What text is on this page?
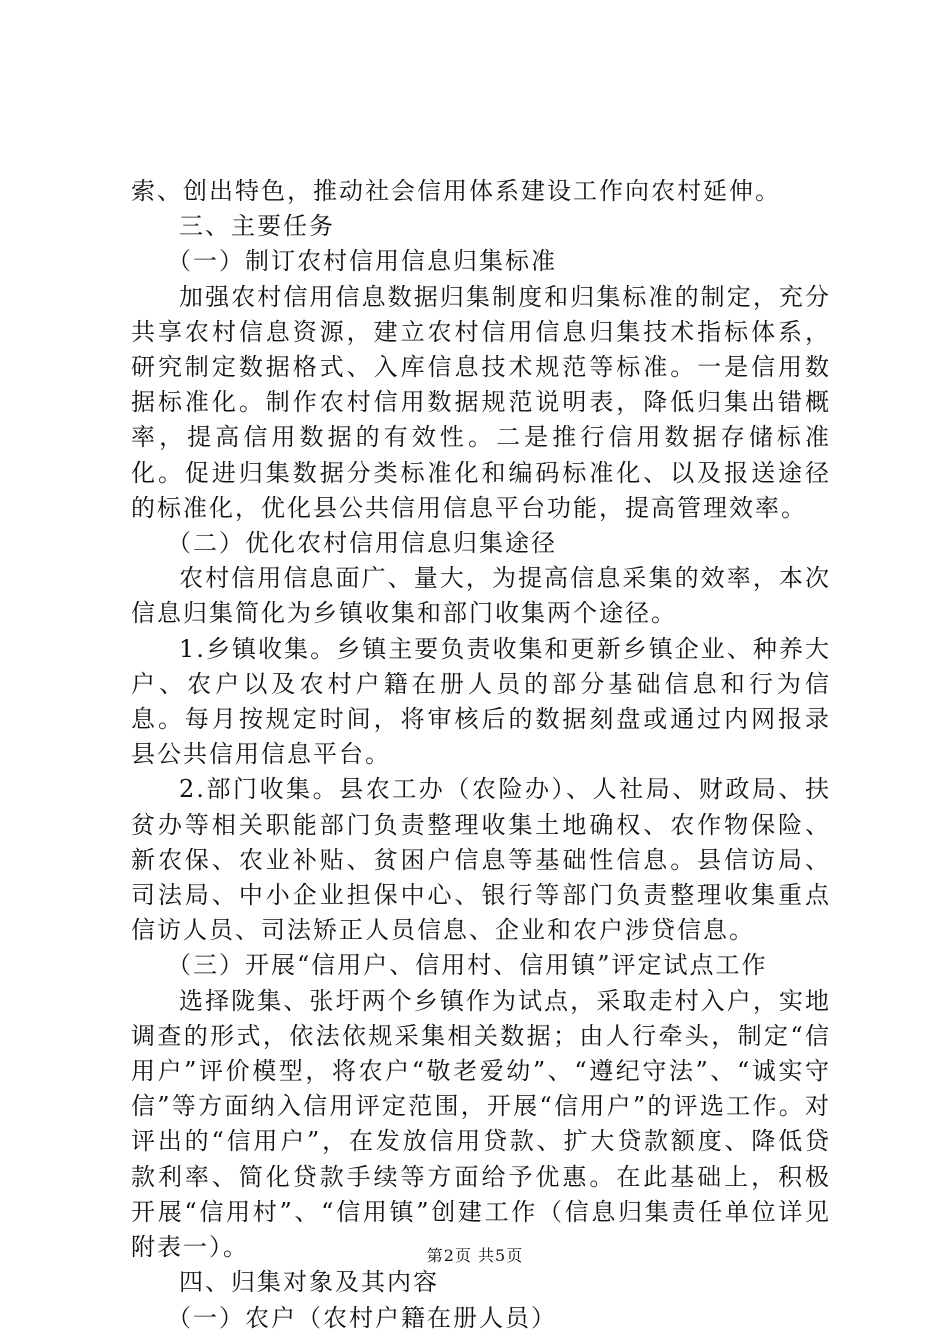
索、创出特色，推动社会信用体系建设工作向农村延伸。

三、主要任务

（一）制订农村信用信息归集标准

加强农村信用信息数据归集制度和归集标准的制定，充分共享农村信息资源，建立农村信用信息归集技术指标体系，研究制定数据格式、入库信息技术规范等标准。一是信用数据标准化。制作农村信用数据规范说明表，降低归集出错概率，提高信用数据的有效性。二是推行信用数据存储标准化。促进归集数据分类标准化和编码标准化、以及报送途径的标准化，优化县公共信用信息平台功能，提高管理效率。

（二）优化农村信用信息归集途径

农村信用信息面广、量大，为提高信息采集的效率，本次信息归集简化为乡镇收集和部门收集两个途径。

1.乡镇收集。乡镇主要负责收集和更新乡镇企业、种养大户、农户以及农村户籍在册人员的部分基础信息和行为信息。每月按规定时间，将审核后的数据刻盘或通过内网报录县公共信用信息平台。

2.部门收集。县农工办（农险办）、人社局、财政局、扶贫办等相关职能部门负责整理收集土地确权、农作物保险、新农保、农业补贴、贫困户信息等基础性信息。县信访局、司法局、中小企业担保中心、银行等部门负责整理收集重点信访人员、司法矫正人员信息、企业和农户涉贷信息。

（三）开展“信用户、信用村、信用镇”评定试点工作

选择陇集、张圩两个乡镇作为试点，采取走村入户，实地调查的形式，依法依规采集相关数据；由人行牵头，制定“信用户”评价模型，将农户“敬老爱幼”、“遵纪守法”、“诚实守信”等方面纳入信用评定范围，开展“信用户”的评选工作。对评出的“信用户”，在发放信用贷款、扩大贷款额度、降低贷款利率、简化贷款手续等方面给予优惠。在此基础上，积极开展“信用村”、“信用镇”创建工作（信息归集责任单位详见附表一）。

四、归集对象及其内容

（一）农户（农村户籍在册人员）

第2页 共5页
